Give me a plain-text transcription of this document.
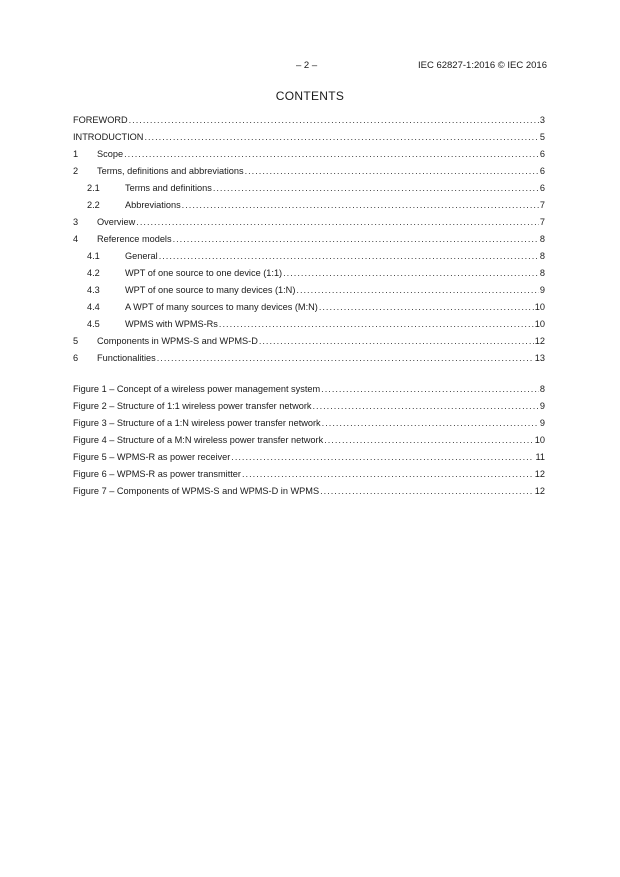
– 2 –	IEC 62827-1:2016 © IEC 2016
CONTENTS
FOREWORD .....	3
INTRODUCTION .....	5
1	Scope .....	6
2	Terms, definitions and abbreviations .....	6
2.1	Terms and definitions .....	6
2.2	Abbreviations .....	7
3	Overview .....	7
4	Reference models .....	8
4.1	General .....	8
4.2	WPT of one source to one device (1:1) .....	8
4.3	WPT of one source to many devices (1:N) .....	9
4.4	A WPT of many sources to many devices (M:N) .....	10
4.5	WPMS with WPMS-Rs .....	10
5	Components in WPMS-S and WPMS-D .....	12
6	Functionalities .....	13
Figure 1 – Concept of a wireless power management system .....	8
Figure 2 – Structure of 1:1 wireless power transfer network .....	9
Figure 3 – Structure of a 1:N wireless power transfer network .....	9
Figure 4 – Structure of a M:N wireless power transfer network .....	10
Figure 5 – WPMS-R as power receiver .....	11
Figure 6 – WPMS-R as power transmitter .....	12
Figure 7 – Components of WPMS-S and WPMS-D in WPMS .....	12
